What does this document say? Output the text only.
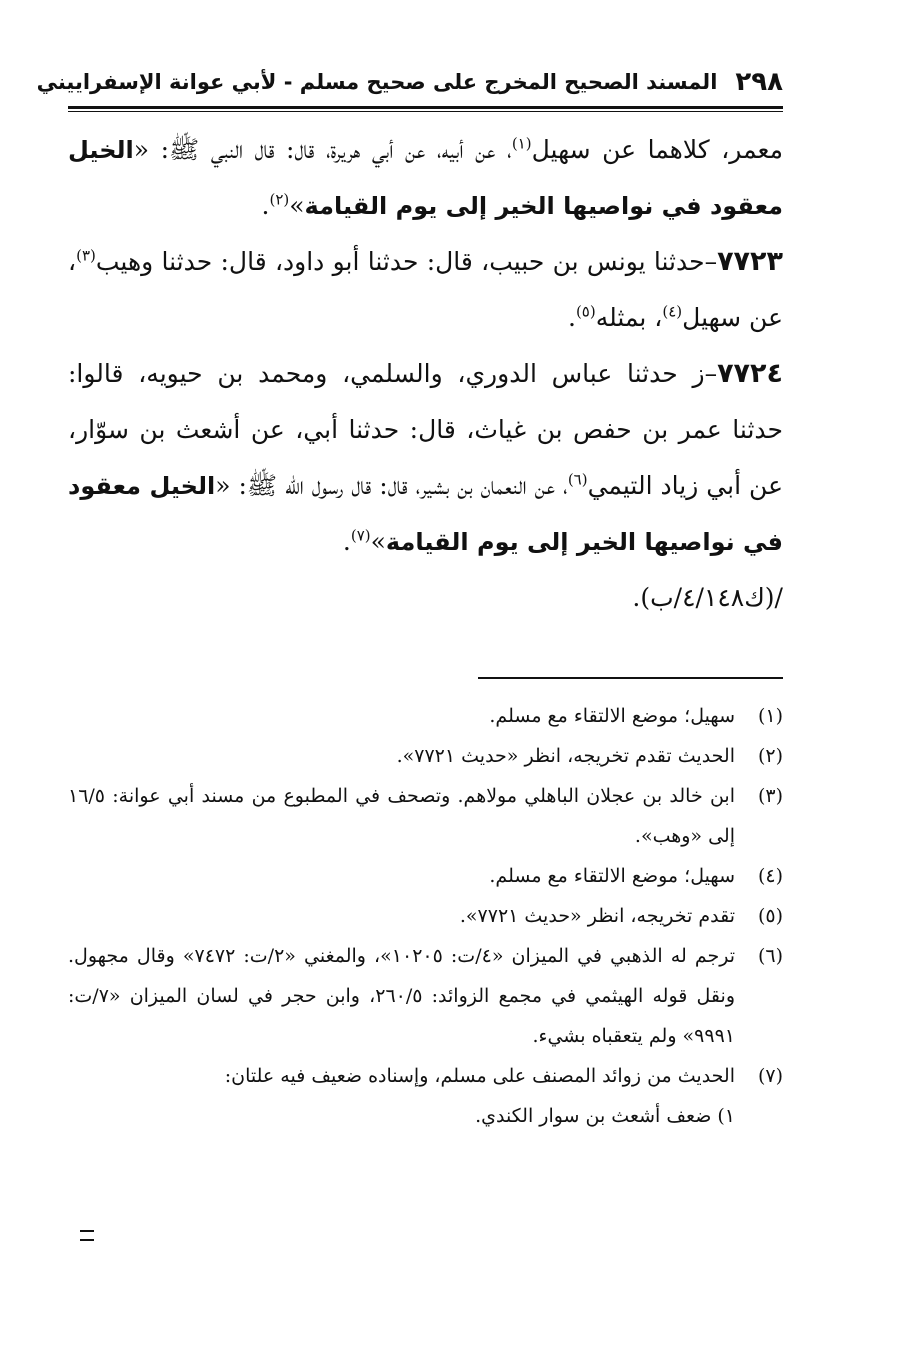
٢٩٨
المسند الصحيح المخرج على صحيح مسلم - لأبي عوانة الإسفراييني

معمر، كلاهما عن سهيل$^{(١)}$، عن أبيه، عن أبي هريرة، قال: قال النبي ﷺ: «الخيل معقود في نواصيها الخير إلى يوم القيامة»$^{(٢)}$.

٧٧٢٣–حدثنا يونس بن حبيب، قال: حدثنا أبو داود، قال: حدثنا وهيب$^{(٣)}$، عن سهيل$^{(٤)}$، بمثله$^{(٥)}$.

٧٧٢٤–ز حدثنا عباس الدوري، والسلمي، ومحمد بن حيويه، قالوا: حدثنا عمر بن حفص بن غياث، قال: حدثنا أبي، عن أشعث بن سوّار، عن أبي زياد التيمي$^{(٦)}$، عن النعمان بن بشير، قال: قال رسول الله ﷺ: «الخيل معقود في نواصيها الخير إلى يوم القيامة»$^{(٧)}$.

/(ك٤/١٤٨/ب).

(١)
سهيل؛ موضع الالتقاء مع مسلم.
(٢)
الحديث تقدم تخريجه، انظر «حديث ٧٧٢١».
(٣)
ابن خالد بن عجلان الباهلي مولاهم. وتصحف في المطبوع من مسند أبي عوانة: ١٦/٥ إلى «وهب».
(٤)
سهيل؛ موضع الالتقاء مع مسلم.
(٥)
تقدم تخريجه، انظر «حديث ٧٧٢١».
(٦)
ترجم له الذهبي في الميزان «٤/ت: ١٠٢٠٥»، والمغني «٢/ت: ٧٤٧٢» وقال مجهول. ونقل قوله الهيثمي في مجمع الزوائد: ٢٦٠/٥، وابن حجر في لسان الميزان «٧/ت: ٩٩٩١» ولم يتعقباه بشيء.
(٧)
الحديث من زوائد المصنف على مسلم، وإسناده ضعيف فيه علتان:
١) ضعف أشعث بن سوار الكندي.
